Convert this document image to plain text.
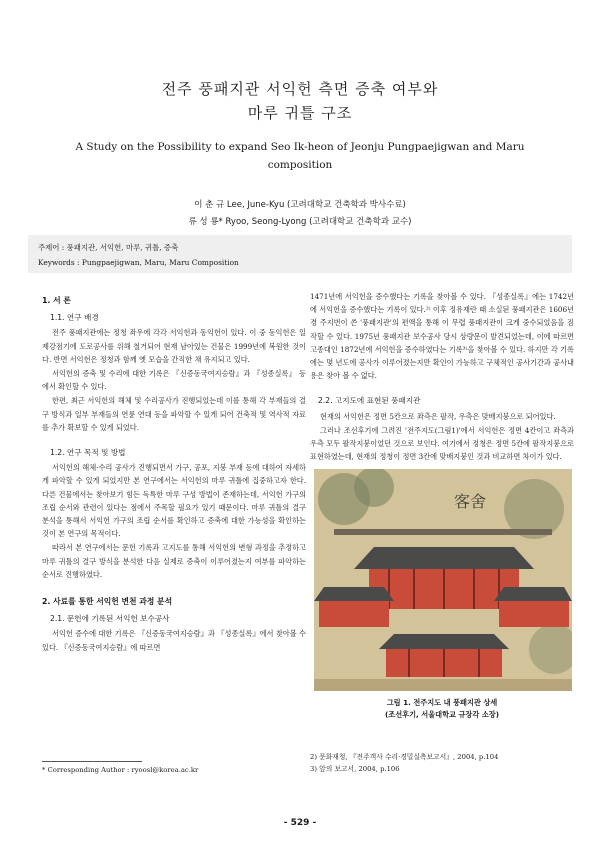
전주 풍패지관 서익헌 측면 증축 여부와
마루 귀틀 구조
A Study on the Possibility to expand Seo Ik-heon of Jeonju Pungpaejigwan and Maru composition
이 춘 규 Lee, June-Kyu (고려대학교 건축학과 박사수료)
류 성 룡* Ryoo, Seong-Lyong (고려대학교 건축학과 교수)
주제어 : 풍패지관, 서익헌, 마루, 귀틀, 증축
Keywords : Pungpaejigwan, Maru, Maru Composition
1. 서 론
1.1. 연구 배경
전주 풍패지관에는 정청 좌우에 각각 서익헌과 동익헌이 있다. 이 중 동익헌은 일제강점기에 도로공사를 위해 철거되어 현재 남아있는 건물은 1999년에 복원한 것이다. 반면 서익헌은 정청과 함께 옛 모습을 간직한 채 유지되고 있다.
서익헌의 증축 및 수리에 대한 기록은 『신증동국여지승람』과 『성종실록』 등에서 확인할 수 있다.
한편, 최근 서익헌의 해체 및 수리공사가 진행되었는데 이를 통해 각 부재들의 결구 방식과 일부 부재들의 연륜 연대 등을 파악할 수 있게 되어 건축적 및 역사적 자료를 추가 확보할 수 있게 되었다.
1.2. 연구 목적 및 방법
서익헌의 해체·수리 공사가 진행되면서 가구, 공포, 지붕 부재 등에 대하여 자세하게 파악할 수 있게 되었지만 본 연구에서는 서익헌의 마루 귀틀에 집중하고자 한다. 다른 건물에서는 찾아보기 힘든 독특한 마루 구성 방법이 존재하는데, 서익헌 가구의 조립 순서와 관련이 있다는 점에서 주목할 필요가 있기 때문이다. 마루 귀틀의 결구 분석을 통해서 서익헌 가구의 조립 순서를 확인하고 증축에 대한 가능성을 확인하는 것이 본 연구의 목적이다.
따라서 본 연구에서는 문헌 기록과 고지도를 통해 서익헌의 변형 과정을 추정하고 마루 귀틀의 결구 방식을 분석한 다음 실제로 증축이 이루어졌는지 여부를 파악하는 순서로 진행하였다.
2. 사료를 통한 서익헌 변천 과정 분석
2.1. 문헌에 기록된 서익헌 보수공사
서익헌 증수에 대한 기록은 『신증동국여지승람』과 『성종실록』에서 찾아볼 수 있다. 『신증동국여지승람』에 따르면
1471년에 서익헌을 증수했다는 기록을 찾아볼 수 있다. 『성종실록』에는 1742년에 서익헌을 증수했다는 기록이 있다.²⁾ 이후 정유재란 때 소실된 풍패지관은 1606년경 주지번이 쓴 '풍패지관'의 편액을 통해 이 무렵 풍패지관이 크게 중수되었음을 짐작할 수 있다. 1975년 풍패지관 보수공사 당시 상량문이 발견되었는데, 이에 따르면 고종대인 1872년에 서익헌을 증수하였다는 기록³⁾을 찾아볼 수 있다. 하지만 각 기록에는 몇 년도에 공사가 이루어졌는지만 확인이 가능하고 구체적인 공사기간과 공사내용은 찾아 볼 수 없다.
2.2. 고지도에 표현된 풍패지관
현재의 서익헌은 정면 5칸으로 좌측은 팔작, 우측은 맞배지붕으로 되어있다.
그러나 조선후기에 그려진 '전주지도(그림1)'에서 서익헌은 정면 4칸이고 좌측과 우측 모두 팔작지붕이었던 것으로 보인다. 여기에서 정청은 정면 5칸에 팔작지붕으로 표현하였는데, 현재의 정청이 정면 3칸에 맞배지붕인 것과 비교하면 차이가 있다.
客舍
그림 1. 전주지도 내 풍패지관 상세
(조선후기, 서울대학교 규장각 소장)
* Corresponding Author : ryoosl@korea.ac.kr
2) 문화재청, 『전주객사 수리·경밀실측보고서』, 2004, p.104
3) 앞의 보고서, 2004, p.106
- 529 -
